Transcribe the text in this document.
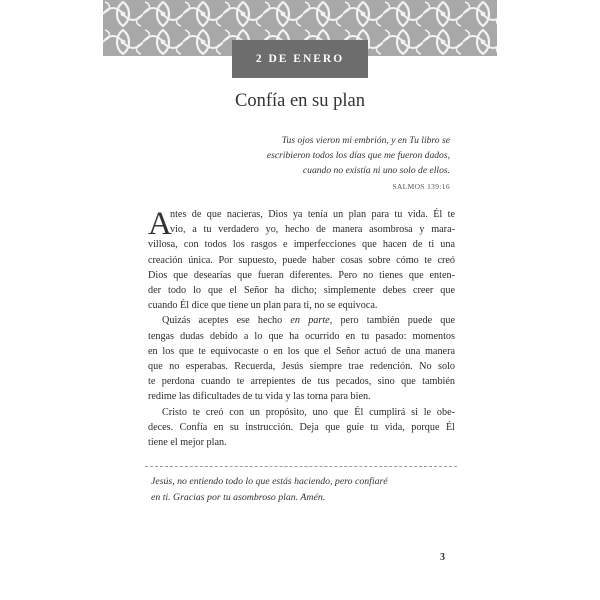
2 DE ENERO
Confía en su plan
Tus ojos vieron mi embrión, y en Tu libro se
escribieron todos los días que me fueron dados,
cuando no existía ni uno solo de ellos.
SALMOS 139:16

A
ntes de que nacieras, Dios ya tenía un plan para tu vida. Él te
vio, a tu verdadero yo, hecho de manera asombrosa y mara-
villosa, con todos los rasgos e imperfecciones que hacen de ti una
creación única. Por supuesto, puede haber cosas sobre cómo te creó
Dios que desearías que fueran diferentes. Pero no tienes que enten-
der todo lo que el Señor ha dicho; simplemente debes creer que
cuando Él dice que tiene un plan para ti, no se equivoca.

Quizás aceptes ese hecho en parte, pero también puede que
tengas dudas debido a lo que ha ocurrido en tu pasado: momentos
en los que te equivocaste o en los que el Señor actuó de una manera
que no esperabas. Recuerda, Jesús siempre trae redención. No solo
te perdona cuando te arrepientes de tus pecados, sino que también
redime las dificultades de tu vida y las torna para bien.

Cristo te creó con un propósito, uno que Él cumplirá si le obe-
deces. Confía en su instrucción. Deja que guíe tu vida, porque Él
tiene el mejor plan.

Jesús, no entiendo todo lo que estás haciendo, pero confiaré
en ti. Gracias por tu asombroso plan. Amén.
3
